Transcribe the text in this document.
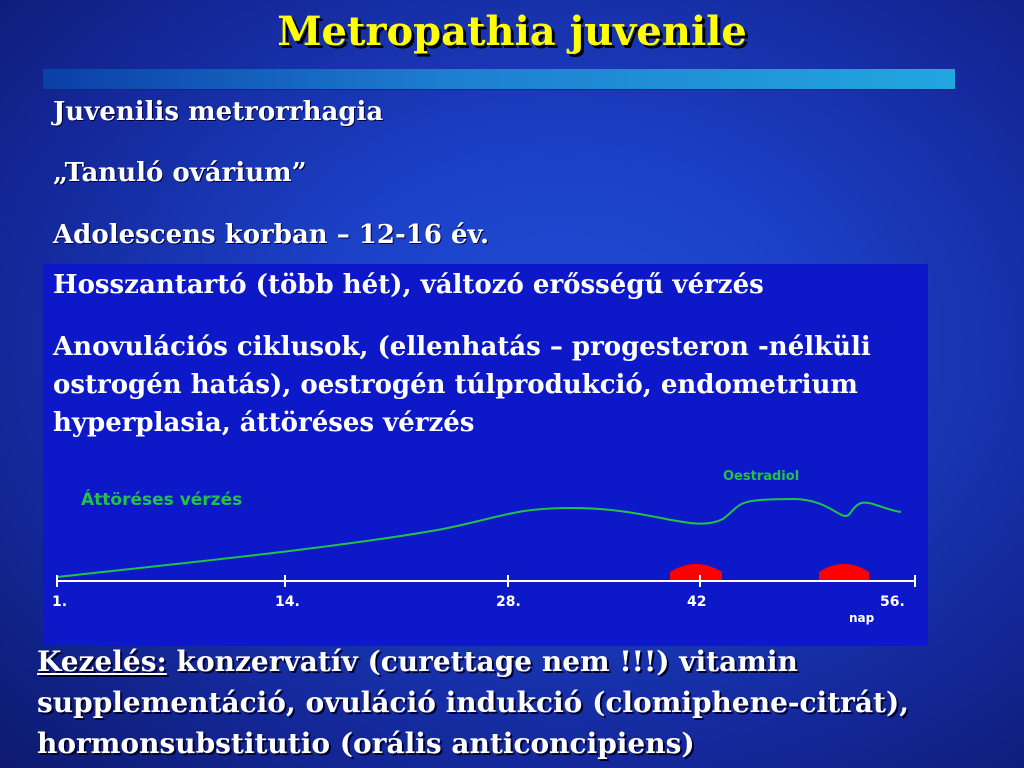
Metropathia juvenile

Juvenilis metrorrhagia

„Tanuló ovárium”

Adolescens korban – 12-16 év.

Hosszantartó (több hét), változó erősségű vérzés

Anovulációs ciklusok, (ellenhatás – progesteron -nélküli ostrogén hatás), oestrogén túlprodukció, endometrium hyperplasia, áttöréses vérzés

Áttöréses vérzés
Oestradiol
1.	14.	28.	42	56.
nap

Kezelés: konzervatív (curettage nem !!!) vitamin supplementáció, ovuláció indukció (clomiphene-citrát), hormonsubstitutio (orális anticoncipiens)
